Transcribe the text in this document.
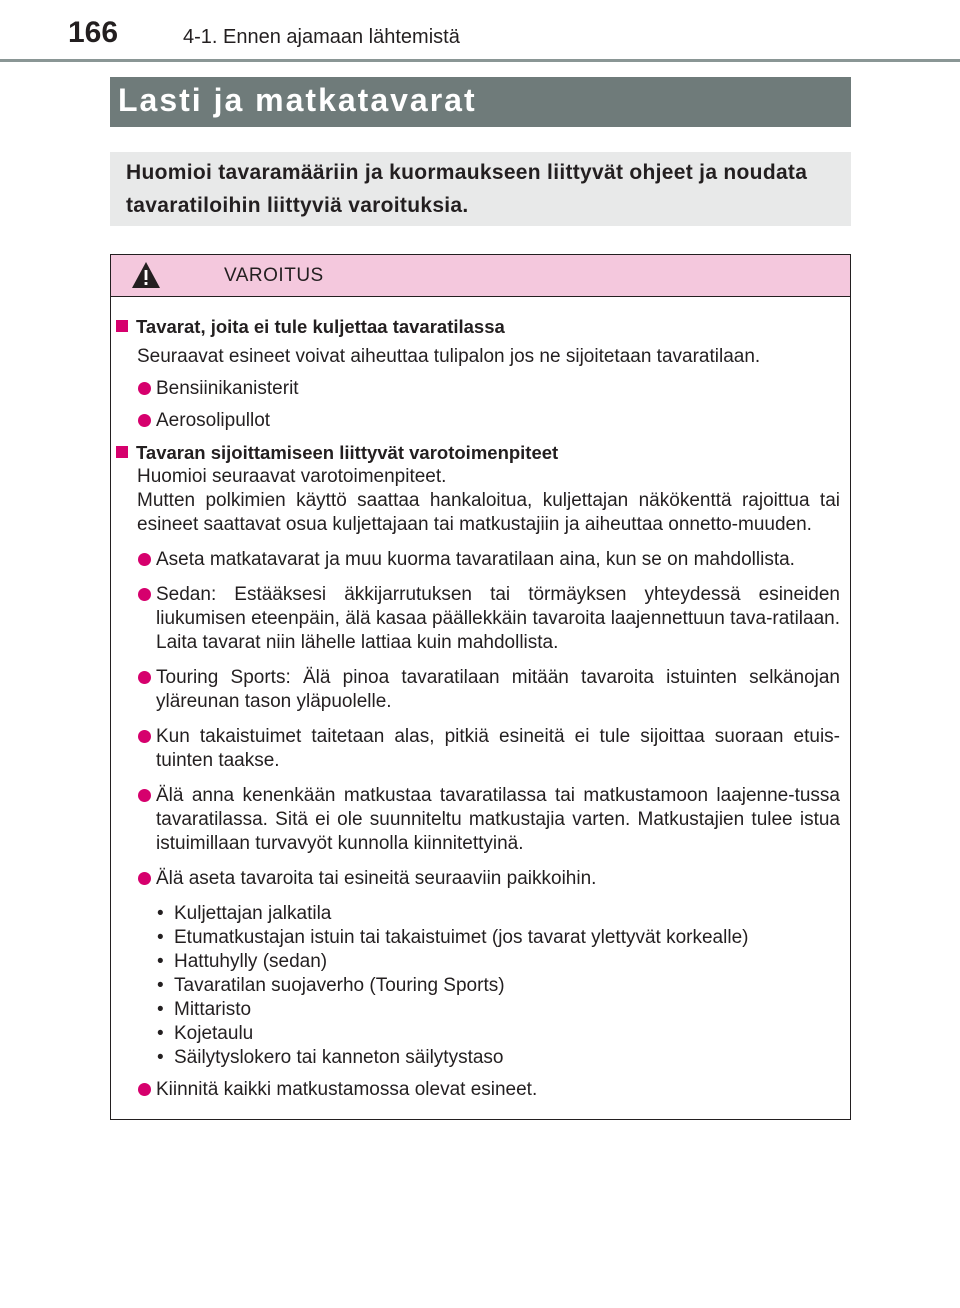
166	4-1. Ennen ajamaan lähtemistä
Lasti ja matkatavarat
Huomioi tavaramääriin ja kuormaukseen liittyvät ohjeet ja noudata
tavaratiloihin liittyviä varoituksia.
VAROITUS
Tavarat, joita ei tule kuljettaa tavaratilassa
Seuraavat esineet voivat aiheuttaa tulipalon jos ne sijoitetaan tavaratilaan.
Bensiinikanisterit
Aerosolipullot
Tavaran sijoittamiseen liittyvät varotoimenpiteet
Huomioi seuraavat varotoimenpiteet.
Mutten polkimien käyttö saattaa hankaloitua, kuljettajan näkökenttä rajoittua tai esineet saattavat osua kuljettajaan tai matkustajiin ja aiheuttaa onnetto-muuden.
Aseta matkatavarat ja muu kuorma tavaratilaan aina, kun se on mahdollista.
Sedan: Estääksesi äkkijarrutuksen tai törmäyksen yhteydessä esineiden liukumisen eteenpäin, älä kasaa päällekkäin tavaroita laajennettuun tava-ratilaan. Laita tavarat niin lähelle lattiaa kuin mahdollista.
Touring Sports: Älä pinoa tavaratilaan mitään tavaroita istuinten selkänojan yläreunan tason yläpuolelle.
Kun takaistuimet taitetaan alas, pitkiä esineitä ei tule sijoittaa suoraan etuis-tuinten taakse.
Älä anna kenenkään matkustaa tavaratilassa tai matkustamoon laajenne-tussa tavaratilassa. Sitä ei ole suunniteltu matkustajia varten. Matkustajien tulee istua istuimillaan turvavyöt kunnolla kiinnitettyinä.
Älä aseta tavaroita tai esineitä seuraaviin paikkoihin.
• Kuljettajan jalkatila
• Etumatkustajan istuin tai takaistuimet (jos tavarat ylettyvät korkealle)
• Hattuhylly (sedan)
• Tavaratilan suojaverho (Touring Sports)
• Mittaristo
• Kojetaulu
• Säilytyslokero tai kanneton säilytystaso
Kiinnitä kaikki matkustamossa olevat esineet.
